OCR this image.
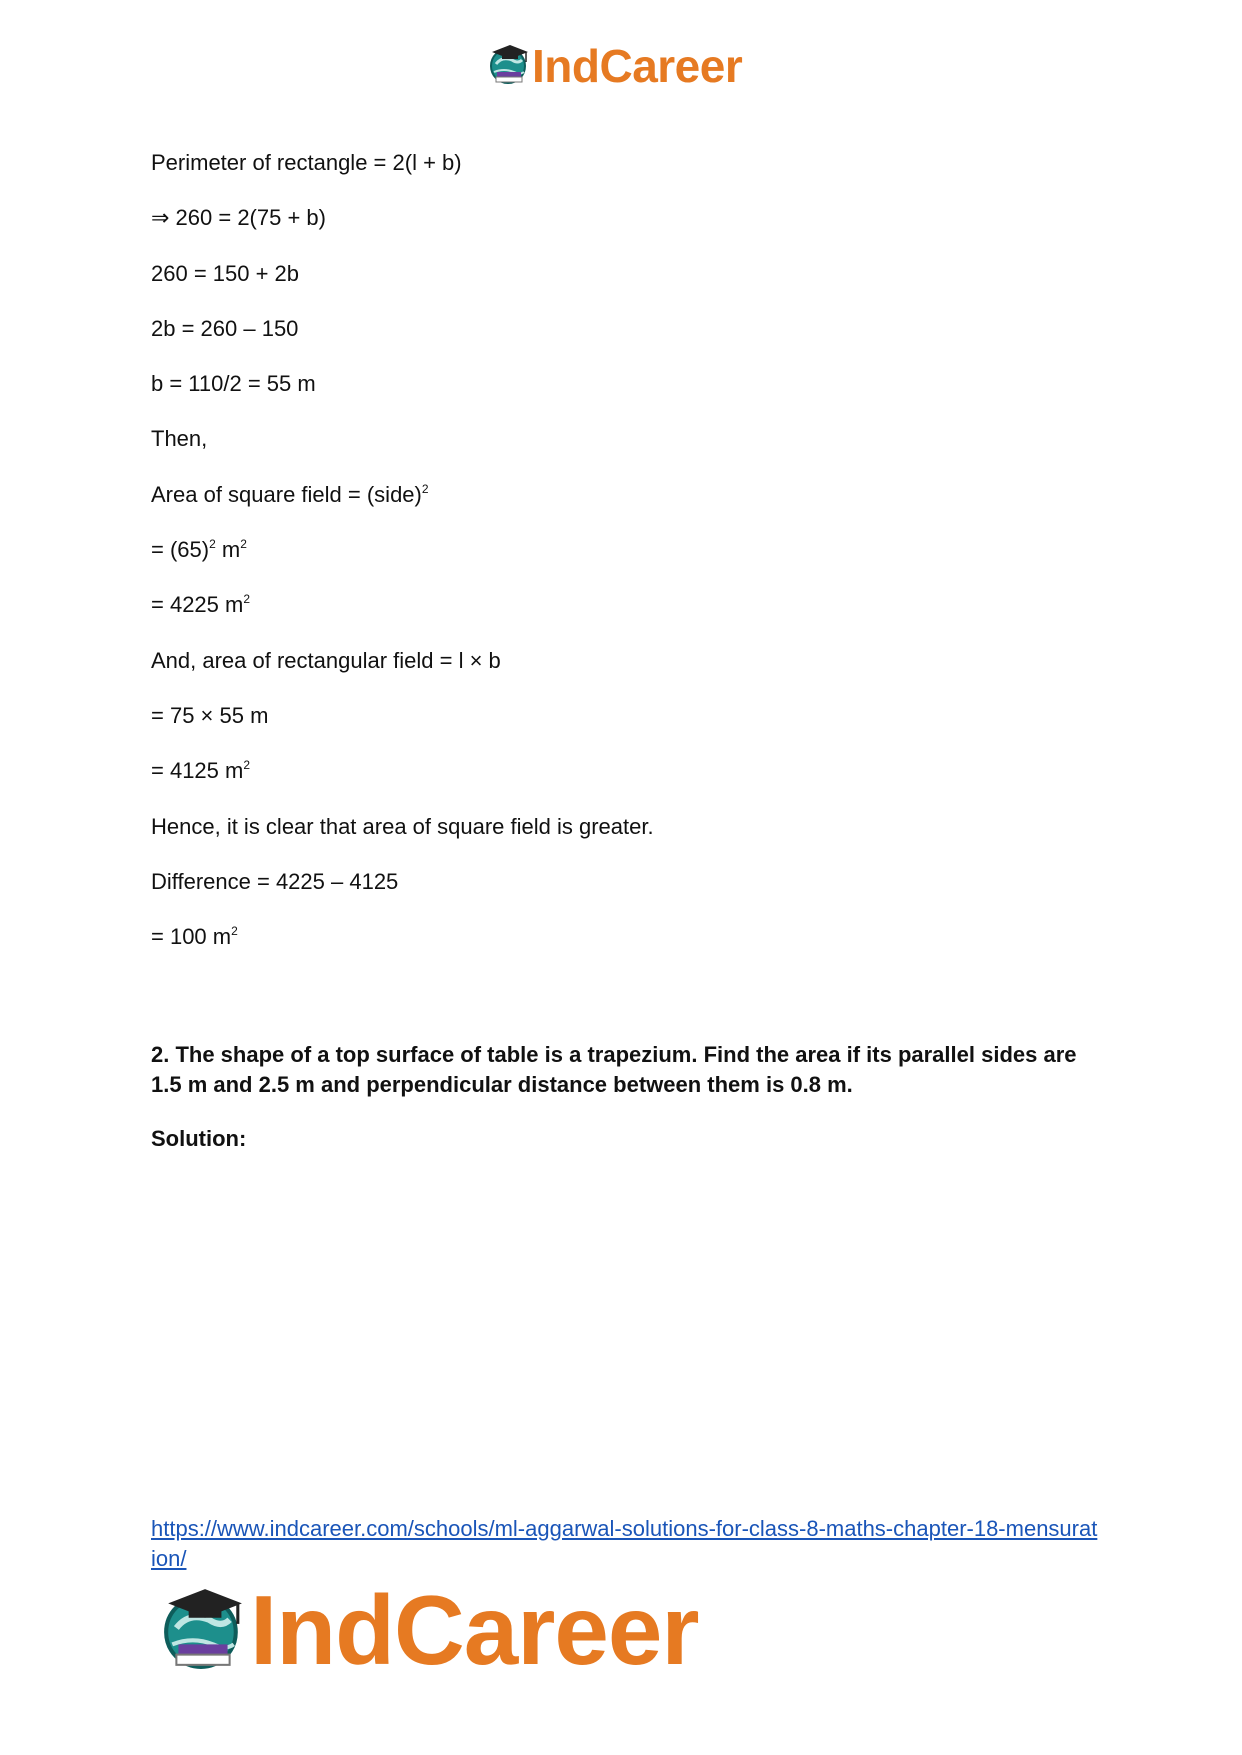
IndCareer

Perimeter of rectangle = 2(l + b)

⇒ 260 = 2(75 + b)

260 = 150 + 2b

2b = 260 – 150

b = 110/2 = 55 m

Then,

Area of square field = (side)$^2$

= $(65)^2$ $m^2$

= 4225 $m^2$

And, area of rectangular field = l × b

= 75 × 55 m

= 4125 $m^2$

Hence, it is clear that area of square field is greater.

Difference = 4225 – 4125

= 100 $m^2$

2. The shape of a top surface of table is a trapezium. Find the area if its parallel sides are 1.5 m and 2.5 m and perpendicular distance between them is 0.8 m.

Solution:

https://www.indcareer.com/schools/ml-aggarwal-solutions-for-class-8-maths-chapter-18-mensuration/
IndCareer
